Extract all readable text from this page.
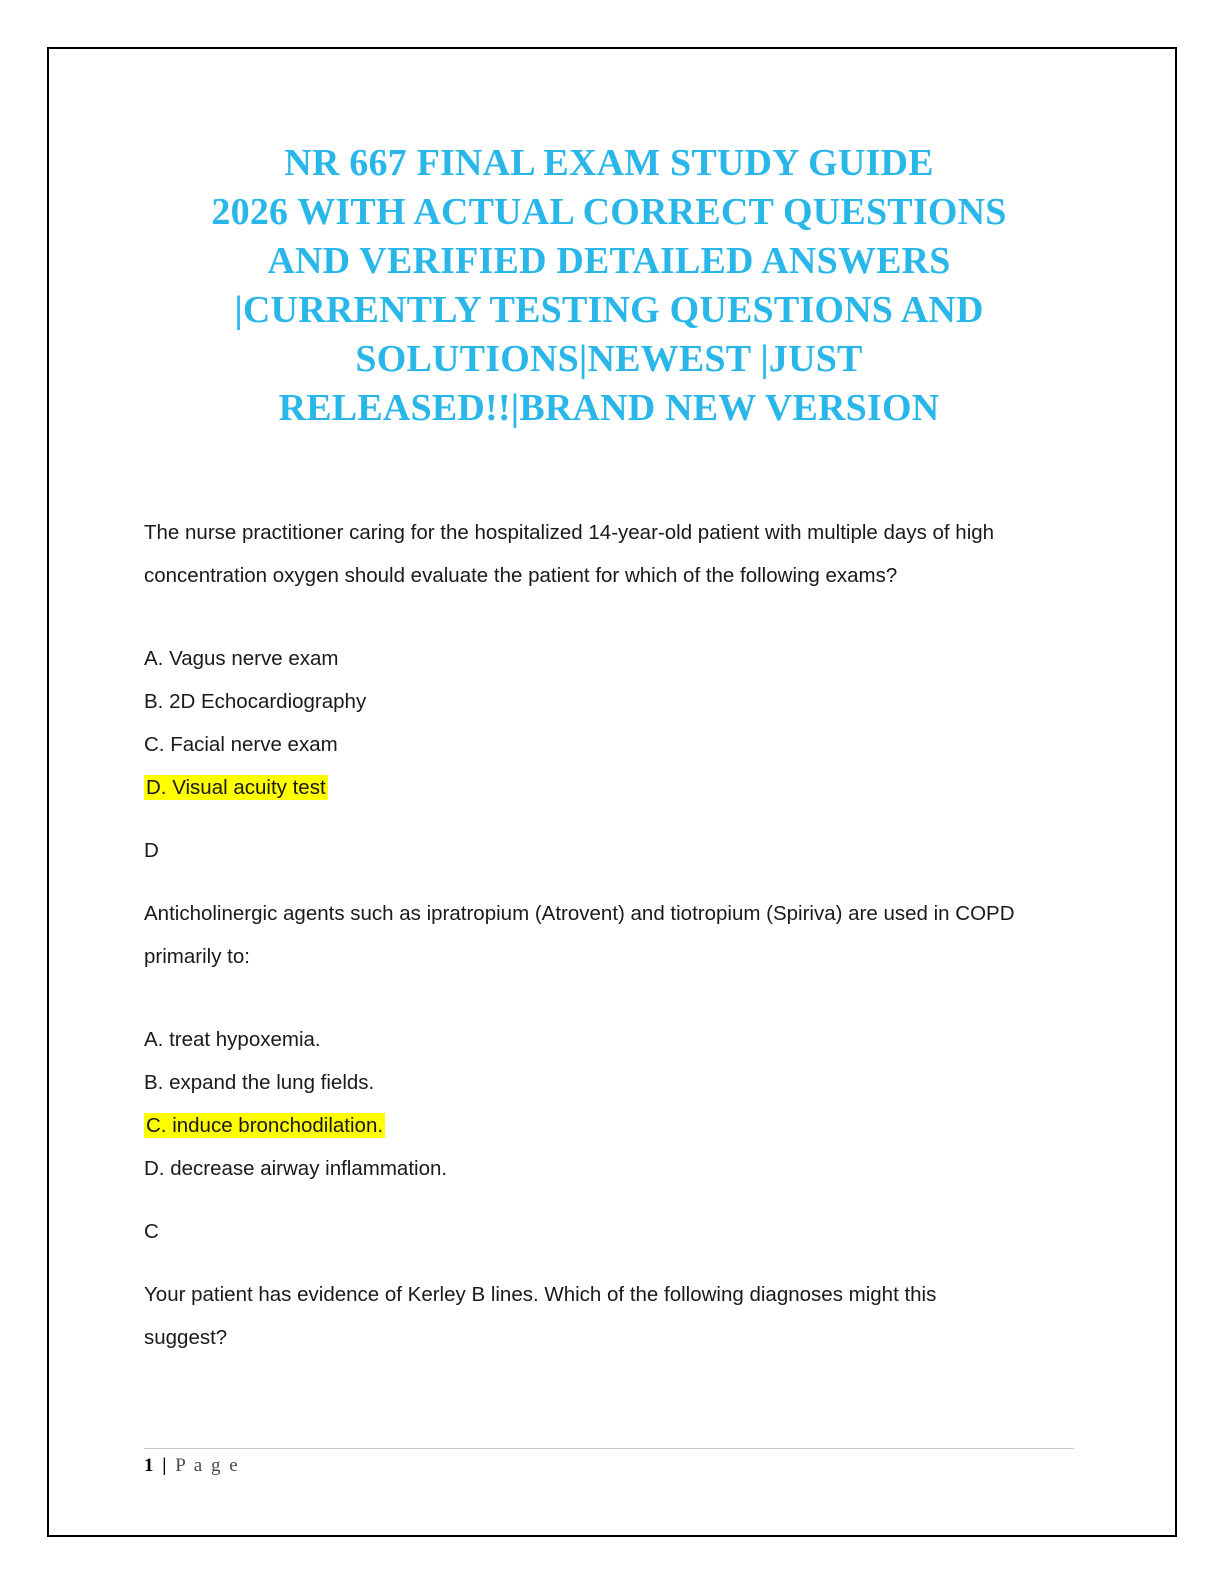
NR 667 FINAL EXAM STUDY GUIDE
2026 WITH ACTUAL CORRECT QUESTIONS
AND VERIFIED DETAILED ANSWERS
|CURRENTLY TESTING QUESTIONS AND
SOLUTIONS|NEWEST |JUST
RELEASED!!|BRAND NEW VERSION

The nurse practitioner caring for the hospitalized 14-year-old patient with multiple days of high

concentration oxygen should evaluate the patient for which of the following exams?

A. Vagus nerve exam

B. 2D Echocardiography

C. Facial nerve exam

D. Visual acuity test

D

Anticholinergic agents such as ipratropium (Atrovent) and tiotropium (Spiriva) are used in COPD

primarily to:

A. treat hypoxemia.

B. expand the lung fields.

C. induce bronchodilation.

D. decrease airway inflammation.

C

Your patient has evidence of Kerley B lines. Which of the following diagnoses might this

suggest?

1 | P a g e
